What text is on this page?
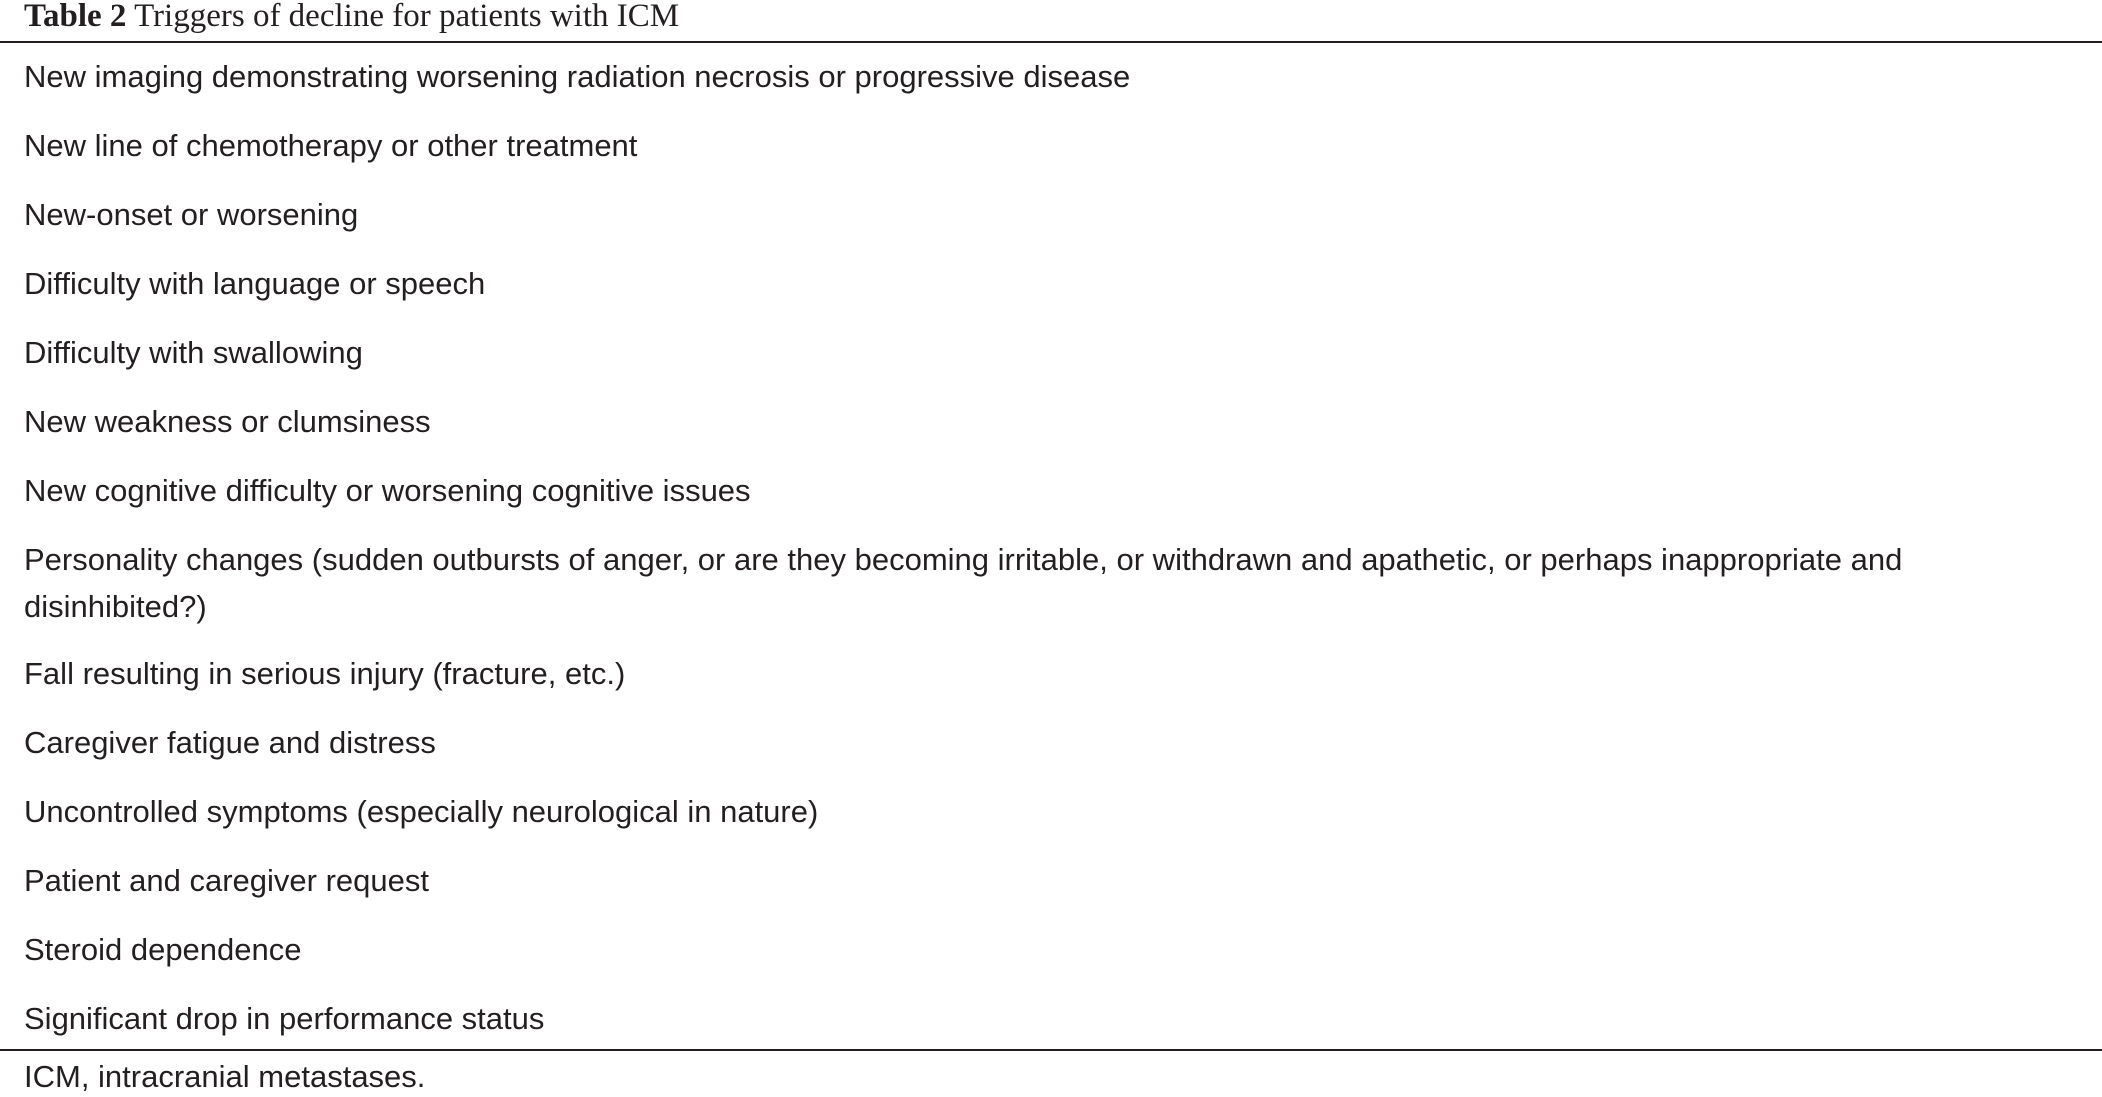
Table 2 Triggers of decline for patients with ICM
New imaging demonstrating worsening radiation necrosis or progressive disease
New line of chemotherapy or other treatment
New-onset or worsening
Difficulty with language or speech
Difficulty with swallowing
New weakness or clumsiness
New cognitive difficulty or worsening cognitive issues
Personality changes (sudden outbursts of anger, or are they becoming irritable, or withdrawn and apathetic, or perhaps inappropriate and disinhibited?)
Fall resulting in serious injury (fracture, etc.)
Caregiver fatigue and distress
Uncontrolled symptoms (especially neurological in nature)
Patient and caregiver request
Steroid dependence
Significant drop in performance status
ICM, intracranial metastases.
